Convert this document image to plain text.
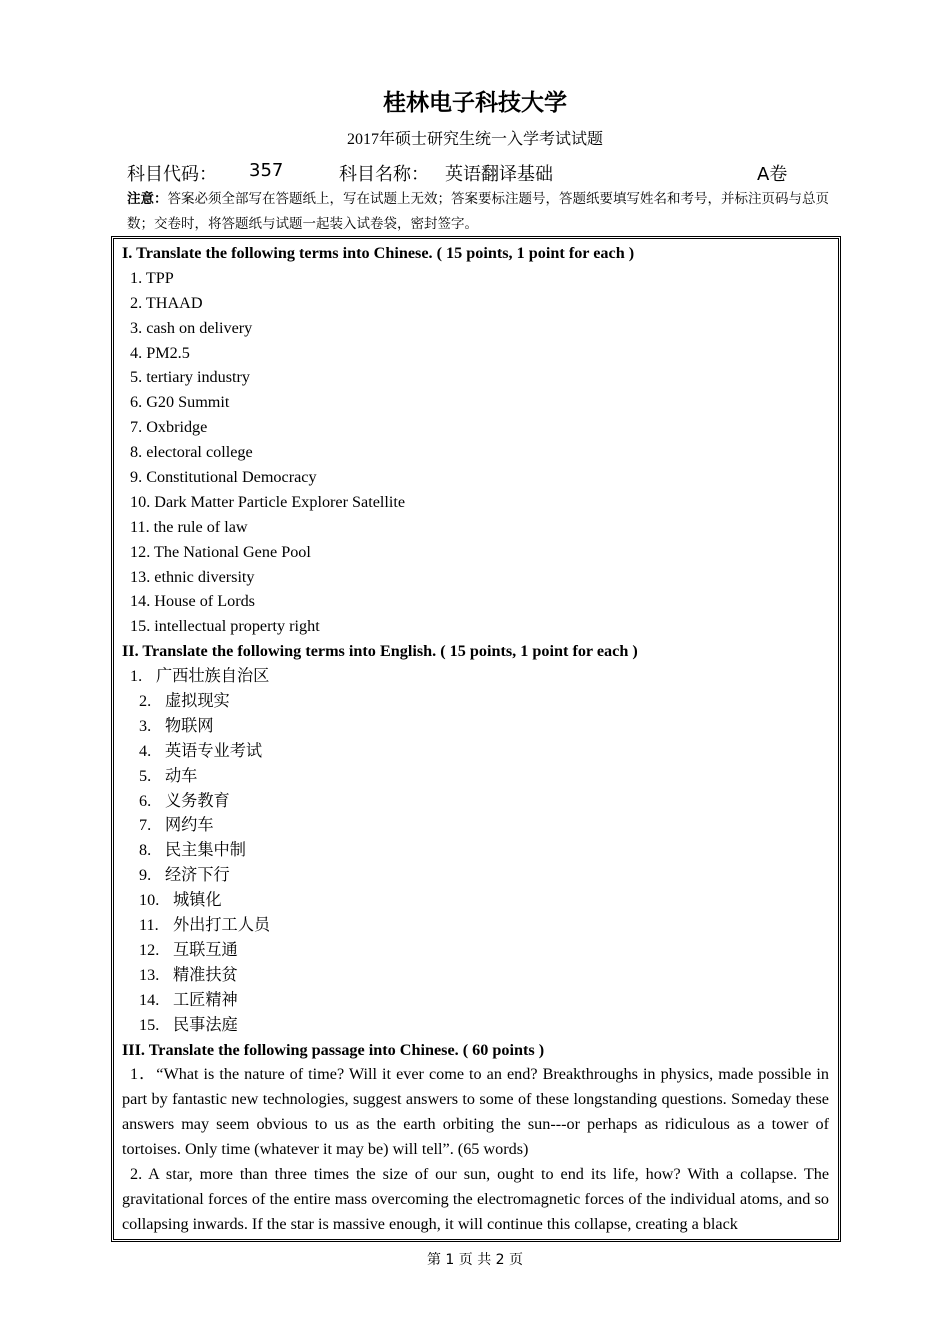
桂林电子科技大学
2017年硕士研究生统一入学考试试题
科目代码： 357	科目名称： 英语翻译基础	A卷
注意：答案必须全部写在答题纸上，写在试题上无效；答案要标注题号，答题纸要填写姓名和考号，并标注页码与总页数；交卷时，将答题纸与试题一起装入试卷袋，密封签字。
I. Translate the following terms into Chinese. ( 15 points, 1 point for each )
1. TPP
2. THAAD
3. cash on delivery
4. PM2.5
5. tertiary industry
6. G20 Summit
7. Oxbridge
8. electoral college
9. Constitutional Democracy
10. Dark Matter Particle Explorer Satellite
11. the rule of law
12. The National Gene Pool
13. ethnic diversity
14. House of Lords
15. intellectual property right
II. Translate the following terms into English. ( 15 points, 1 point for each )
1. 广西壮族自治区
2. 虚拟现实
3. 物联网
4. 英语专业考试
5. 动车
6. 义务教育
7. 网约车
8. 民主集中制
9. 经济下行
10. 城镇化
11. 外出打工人员
12. 互联互通
13. 精准扶贫
14. 工匠精神
15. 民事法庭
III. Translate the following passage into Chinese. ( 60 points )
1．“What is the nature of time? Will it ever come to an end? Breakthroughs in physics, made possible in part by fantastic new technologies, suggest answers to some of these longstanding questions. Someday these answers may seem obvious to us as the earth orbiting the sun---or perhaps as ridiculous as a tower of tortoises. Only time (whatever it may be) will tell”. (65 words)
2. A star, more than three times the size of our sun, ought to end its life, how? With a collapse. The gravitational forces of the entire mass overcoming the electromagnetic forces of the individual atoms, and so collapsing inwards. If the star is massive enough, it will continue this collapse, creating a black
第 1 页 共 2 页
